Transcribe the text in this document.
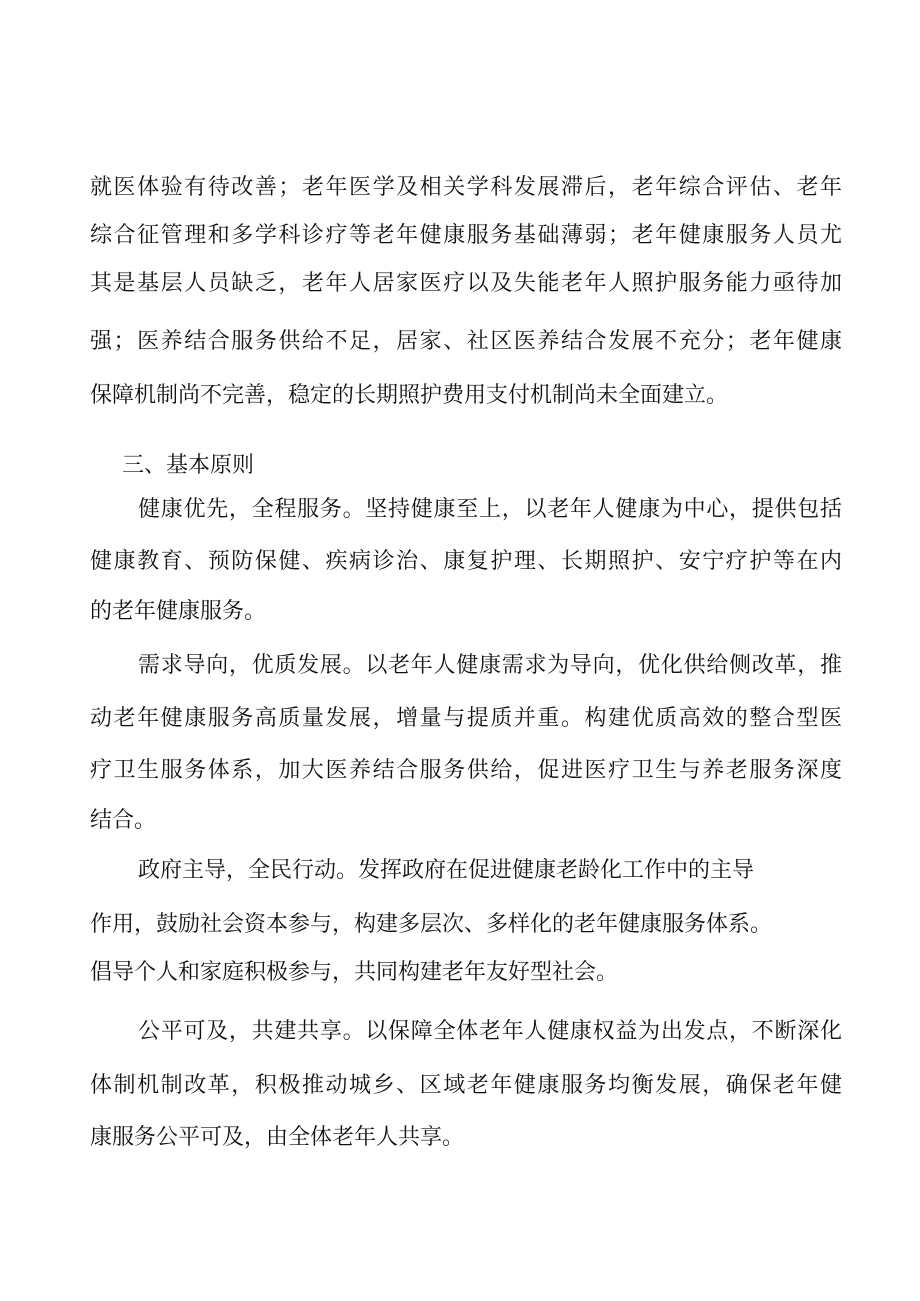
就医体验有待改善；老年医学及相关学科发展滞后，老年综合评估、老年
综合征管理和多学科诊疗等老年健康服务基础薄弱；老年健康服务人员尤
其是基层人员缺乏，老年人居家医疗以及失能老年人照护服务能力亟待加
强；医养结合服务供给不足，居家、社区医养结合发展不充分；老年健康
保障机制尚不完善，稳定的长期照护费用支付机制尚未全面建立。
三、基本原则
健康优先，全程服务。坚持健康至上，以老年人健康为中心，提供包括
健康教育、预防保健、疾病诊治、康复护理、长期照护、安宁疗护等在内
的老年健康服务。
需求导向，优质发展。以老年人健康需求为导向，优化供给侧改革，推
动老年健康服务高质量发展，增量与提质并重。构建优质高效的整合型医
疗卫生服务体系，加大医养结合服务供给，促进医疗卫生与养老服务深度
结合。
政府主导，全民行动。发挥政府在促进健康老龄化工作中的主导
作用，鼓励社会资本参与，构建多层次、多样化的老年健康服务体系。
倡导个人和家庭积极参与，共同构建老年友好型社会。
公平可及，共建共享。以保障全体老年人健康权益为出发点，不断深化
体制机制改革，积极推动城乡、区域老年健康服务均衡发展，确保老年健
康服务公平可及，由全体老年人共享。
